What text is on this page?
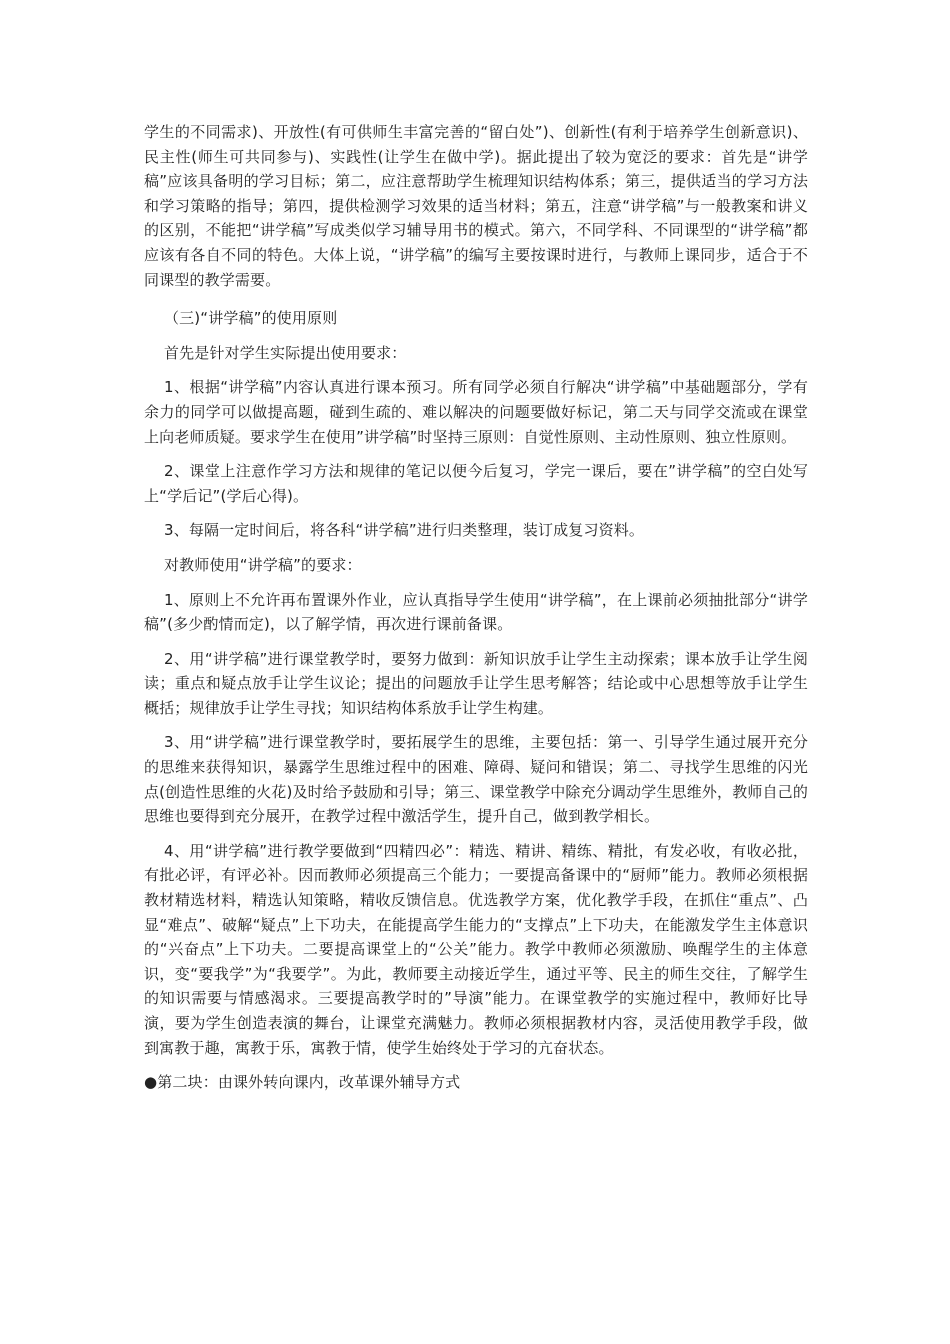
学生的不同需求)、开放性(有可供师生丰富完善的“留白处”)、创新性(有利于培养学生创新意识)、民主性(师生可共同参与)、实践性(让学生在做中学)。据此提出了较为宽泛的要求：首先是“讲学稿”应该具备明的学习目标；第二，应注意帮助学生梳理知识结构体系；第三，提供适当的学习方法和学习策略的指导；第四，提供检测学习效果的适当材料；第五，注意“讲学稿”与一般教案和讲义的区别，不能把“讲学稿”写成类似学习辅导用书的模式。第六，不同学科、不同课型的“讲学稿”都应该有各自不同的特色。大体上说，“讲学稿”的编写主要按课时进行，与教师上课同步，适合于不同课型的教学需要。

（三)“讲学稿”的使用原则

首先是针对学生实际提出使用要求：

1、根据“讲学稿”内容认真进行课本预习。所有同学必须自行解决“讲学稿”中基础题部分，学有余力的同学可以做提高题，碰到生疏的、难以解决的问题要做好标记，第二天与同学交流或在课堂上向老师质疑。要求学生在使用”讲学稿”时坚持三原则：自觉性原则、主动性原则、独立性原则。

2、课堂上注意作学习方法和规律的笔记以便今后复习，学完一课后，要在”讲学稿”的空白处写上“学后记”(学后心得)。

3、每隔一定时间后，将各科“讲学稿”进行归类整理，装订成复习资料。

对教师使用“讲学稿”的要求：

1、原则上不允许再布置课外作业，应认真指导学生使用“讲学稿”，在上课前必须抽批部分“讲学稿”(多少酌情而定)，以了解学情，再次进行课前备课。

2、用“讲学稿”进行课堂教学时，要努力做到：新知识放手让学生主动探索；课本放手让学生阅读；重点和疑点放手让学生议论；提出的问题放手让学生思考解答；结论或中心思想等放手让学生概括；规律放手让学生寻找；知识结构体系放手让学生构建。

3、用“讲学稿”进行课堂教学时，要拓展学生的思维，主要包括：第一、引导学生通过展开充分的思维来获得知识，暴露学生思维过程中的困难、障碍、疑问和错误；第二、寻找学生思维的闪光点(创造性思维的火花)及时给予鼓励和引导；第三、课堂教学中除充分调动学生思维外，教师自己的思维也要得到充分展开，在教学过程中激活学生，提升自己，做到教学相长。

4、用“讲学稿”进行教学要做到“四精四必”：精选、精讲、精练、精批，有发必收，有收必批，有批必评，有评必补。因而教师必须提高三个能力；一要提高备课中的“厨师”能力。教师必须根据教材精选材料，精选认知策略，精收反馈信息。优选教学方案，优化教学手段，在抓住“重点”、凸显“难点”、破解“疑点”上下功夫，在能提高学生能力的“支撑点”上下功夫，在能激发学生主体意识的“兴奋点”上下功夫。二要提高课堂上的“公关”能力。教学中教师必须激励、唤醒学生的主体意识，变“要我学”为“我要学”。为此，教师要主动接近学生，通过平等、民主的师生交往，了解学生的知识需要与情感渴求。三要提高教学时的”导演”能力。在课堂教学的实施过程中，教师好比导演，要为学生创造表演的舞台，让课堂充满魅力。教师必须根据教材内容，灵活使用教学手段，做到寓教于趣，寓教于乐，寓教于情，使学生始终处于学习的亢奋状态。

●第二块：由课外转向课内，改革课外辅导方式
